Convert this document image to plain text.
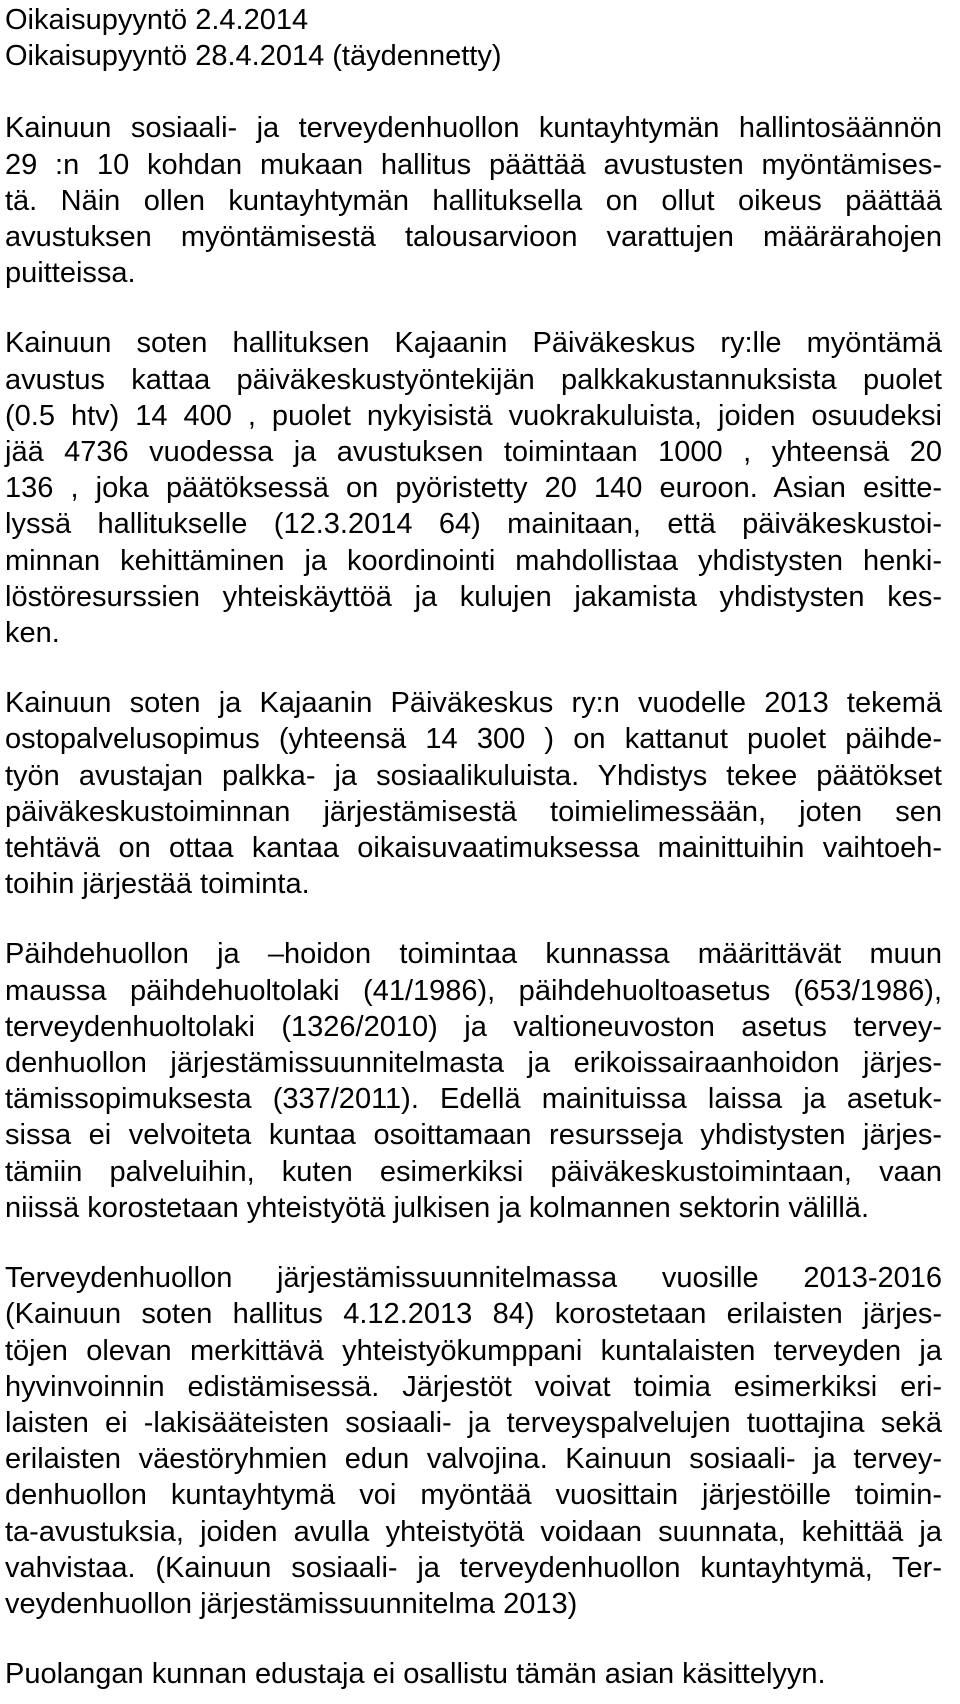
Oikaisupyyntö 2.4.2014
Oikaisupyyntö 28.4.2014 (täydennetty)

Kainuun sosiaali- ja terveydenhuollon kuntayhtymän hallintosäännön
29 :n 10 kohdan mukaan hallitus päättää avustusten myöntämises-
tä. Näin ollen kuntayhtymän hallituksella on ollut oikeus päättää
avustuksen myöntämisestä talousarvioon varattujen määrärahojen
puitteissa.

Kainuun soten hallituksen Kajaanin Päiväkeskus ry:lle myöntämä
avustus kattaa päiväkeskustyöntekijän palkkakustannuksista puolet
(0.5 htv) 14 400 , puolet nykyisistä vuokrakuluista, joiden osuudeksi
jää 4736 vuodessa ja avustuksen toimintaan 1000 , yhteensä 20
136 , joka päätöksessä on pyöristetty 20 140 euroon. Asian esitte-
lyssä hallitukselle (12.3.2014 64) mainitaan, että päiväkeskustoi-
minnan kehittäminen ja koordinointi mahdollistaa yhdistysten henki-
löstöresurssien yhteiskäyttöä ja kulujen jakamista yhdistysten kes-
ken.

Kainuun soten ja Kajaanin Päiväkeskus ry:n vuodelle 2013 tekemä
ostopalvelusopimus (yhteensä 14 300 ) on kattanut puolet päihde-
työn avustajan palkka- ja sosiaalikuluista. Yhdistys tekee päätökset
päiväkeskustoiminnan järjestämisestä toimielimessään, joten sen
tehtävä on ottaa kantaa oikaisuvaatimuksessa mainittuihin vaihtoeh-
toihin järjestää toiminta.

Päihdehuollon ja –hoidon toimintaa kunnassa määrittävät muun
maussa päihdehuoltolaki (41/1986), päihdehuoltoasetus (653/1986),
terveydenhuoltolaki (1326/2010) ja valtioneuvoston asetus tervey-
denhuollon järjestämissuunnitelmasta ja erikoissairaanhoidon järjes-
tämissopimuksesta (337/2011). Edellä mainituissa laissa ja asetuk-
sissa ei velvoiteta kuntaa osoittamaan resursseja yhdistysten järjes-
tämiin palveluihin, kuten esimerkiksi päiväkeskustoimintaan, vaan
niissä korostetaan yhteistyötä julkisen ja kolmannen sektorin välillä.

Terveydenhuollon järjestämissuunnitelmassa vuosille 2013-2016
(Kainuun soten hallitus 4.12.2013 84) korostetaan erilaisten järjes-
töjen olevan merkittävä yhteistyökumppani kuntalaisten terveyden ja
hyvinvoinnin edistämisessä. Järjestöt voivat toimia esimerkiksi eri-
laisten ei -lakisääteisten sosiaali- ja terveyspalvelujen tuottajina sekä
erilaisten väestöryhmien edun valvojina. Kainuun sosiaali- ja tervey-
denhuollon kuntayhtymä voi myöntää vuosittain järjestöille toimin-
ta-avustuksia, joiden avulla yhteistyötä voidaan suunnata, kehittää ja
vahvistaa. (Kainuun sosiaali- ja terveydenhuollon kuntayhtymä, Ter-
veydenhuollon järjestämissuunnitelma 2013)

Puolangan kunnan edustaja ei osallistu tämän asian käsittelyyn.
